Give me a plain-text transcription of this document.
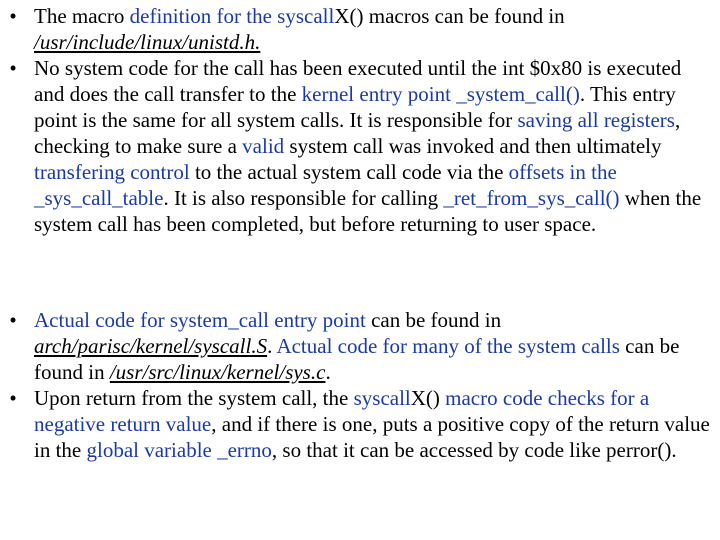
• The macro definition for the syscallX() macros can be found in /usr/include/linux/unistd.h.
• No system code for the call has been executed until the int $0x80 is executed and does the call transfer to the kernel entry point _system_call(). This entry point is the same for all system calls. It is responsible for saving all registers, checking to make sure a valid system call was invoked and then ultimately transfering control to the actual system call code via the offsets in the _sys_call_table. It is also responsible for calling _ret_from_sys_call() when the system call has been completed, but before returning to user space.
• Actual code for system_call entry point can be found in arch/parisc/kernel/syscall.S. Actual code for many of the system calls can be found in /usr/src/linux/kernel/sys.c.
• Upon return from the system call, the syscallX() macro code checks for a negative return value, and if there is one, puts a positive copy of the return value in the global variable _errno, so that it can be accessed by code like perror().
